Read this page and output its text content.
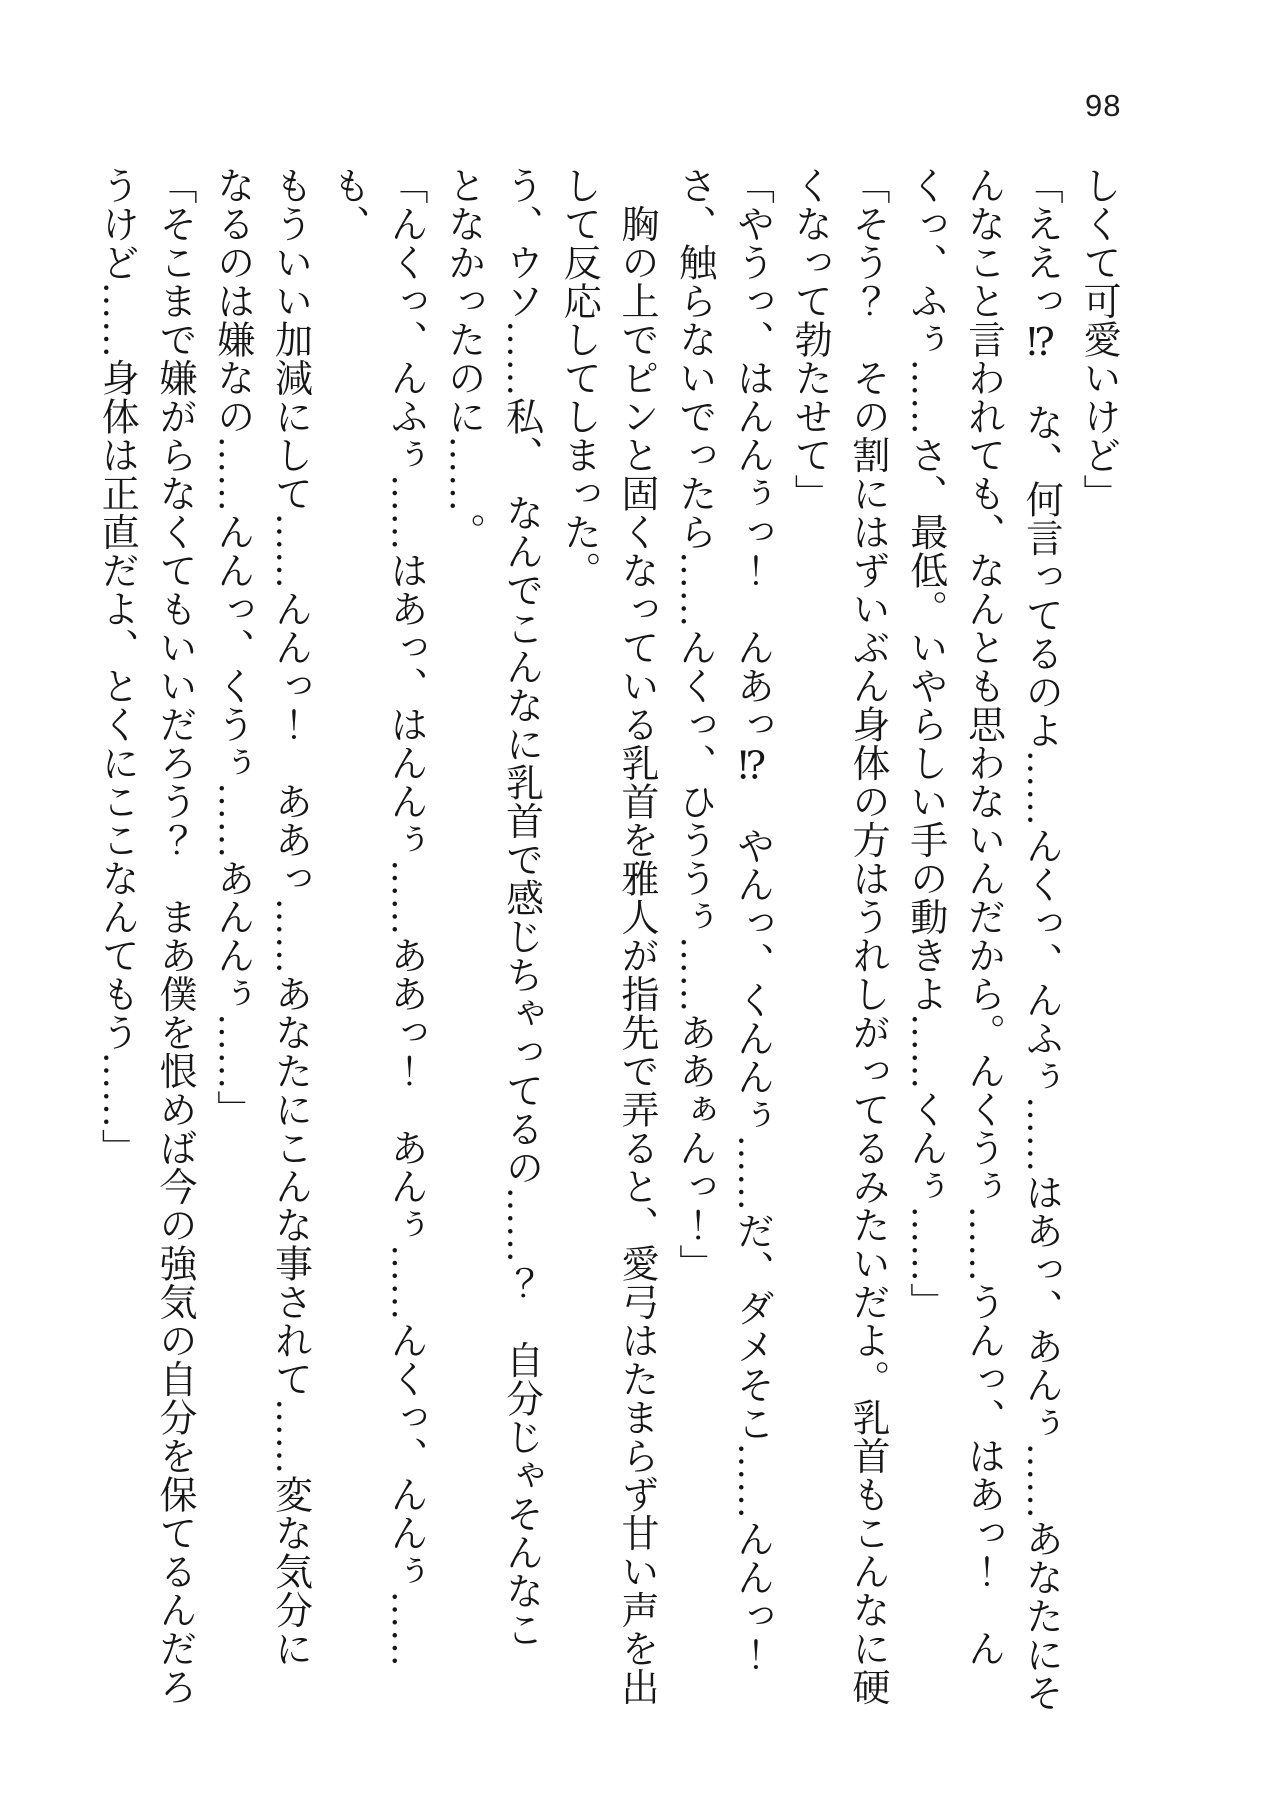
98

しくて可愛いけど」

「ええっ⁉　な、何言ってるのよ……んくっ、んふぅ……はあっ、あんぅ……あなたにそ

んなこと言われても、なんとも思わないんだから。んくうぅ……うんっ、はあっ！　ん

くっ、ふぅ……さ、最低。いやらしい手の動きよ……くんぅ……」

「そう？　その割にはずいぶん身体の方はうれしがってるみたいだよ。乳首もこんなに硬

くなって勃たせて」

「やうっ、はんんぅっ！　んあっ⁉　やんっ、くんんぅ……だ、ダメそこ……んんっ！

さ、触らないでったら……んくっ、ひううぅ……ああぁんっ！」

　胸の上でピンと固くなっている乳首を雅人が指先で弄ると、愛弓はたまらず甘い声を出

して反応してしまった。

う、ウソ……私、　なんでこんなに乳首で感じちゃってるの……？　自分じゃそんなこ

となかったのに……。

「んくっ、んふぅ……はあっ、はんんぅ……ああっ！　あんぅ……んくっ、んんぅ……も、

もういい加減にして……んんっ！　ああっ……あなたにこんな事されて……変な気分に

なるのは嫌なの……んんっ、くうぅ……あんんぅ……」

「そこまで嫌がらなくてもいいだろう？　まあ僕を恨めば今の強気の自分を保てるんだろ

うけど……身体は正直だよ、とくにここなんてもう……」
